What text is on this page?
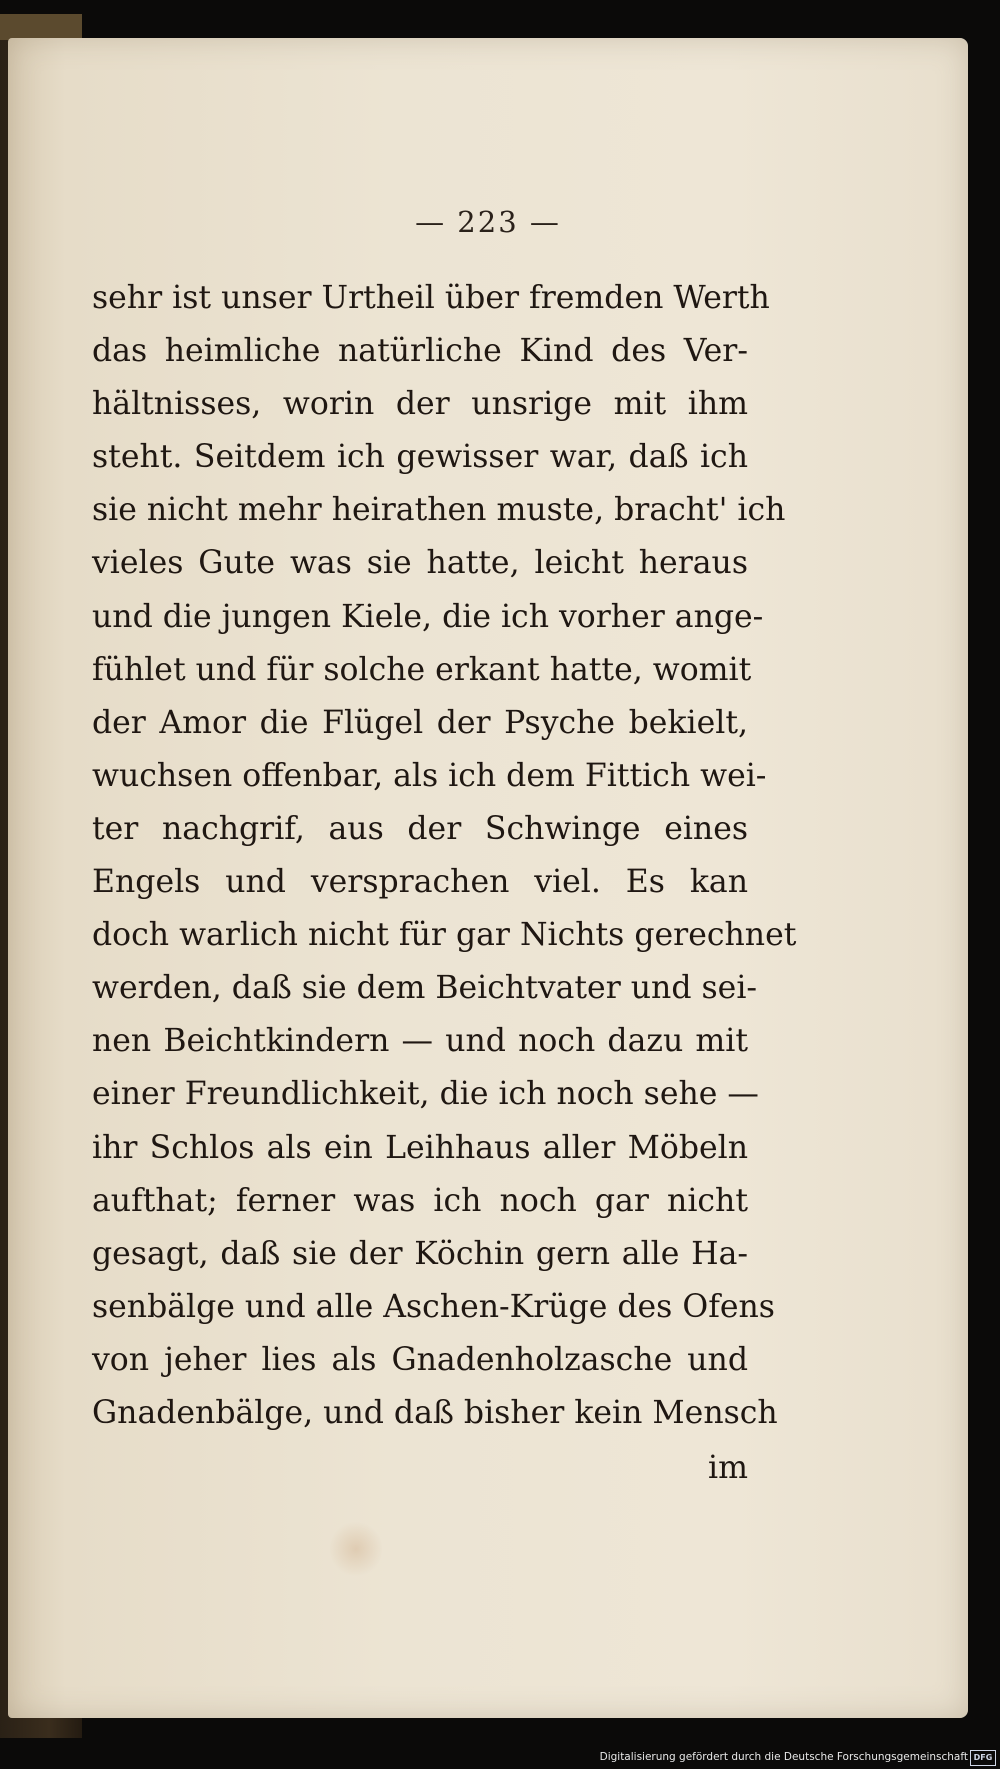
— 223 —
sehr ist unser Urtheil über fremden Werth
das heimliche natürliche Kind des Ver-
hältnisses, worin der unsrige mit ihm
steht. Seitdem ich gewisser war, daß ich
sie nicht mehr heirathen muste, bracht' ich
vieles Gute was sie hatte, leicht heraus
und die jungen Kiele, die ich vorher ange-
fühlet und für solche erkant hatte, womit
der Amor die Flügel der Psyche bekielt,
wuchsen offenbar, als ich dem Fittich wei-
ter nachgrif, aus der Schwinge eines
Engels und versprachen viel. Es kan
doch warlich nicht für gar Nichts gerechnet
werden, daß sie dem Beichtvater und sei-
nen Beichtkindern — und noch dazu mit
einer Freundlichkeit, die ich noch sehe —
ihr Schlos als ein Leihhaus aller Möbeln
aufthat; ferner was ich noch gar nicht
gesagt, daß sie der Köchin gern alle Ha-
senbälge und alle Aschen-Krüge des Ofens
von jeher lies als Gnadenholzasche und
Gnadenbälge, und daß bisher kein Mensch
im
Digitalisierung gefördert durch die Deutsche Forschungsgemeinschaft DFG
